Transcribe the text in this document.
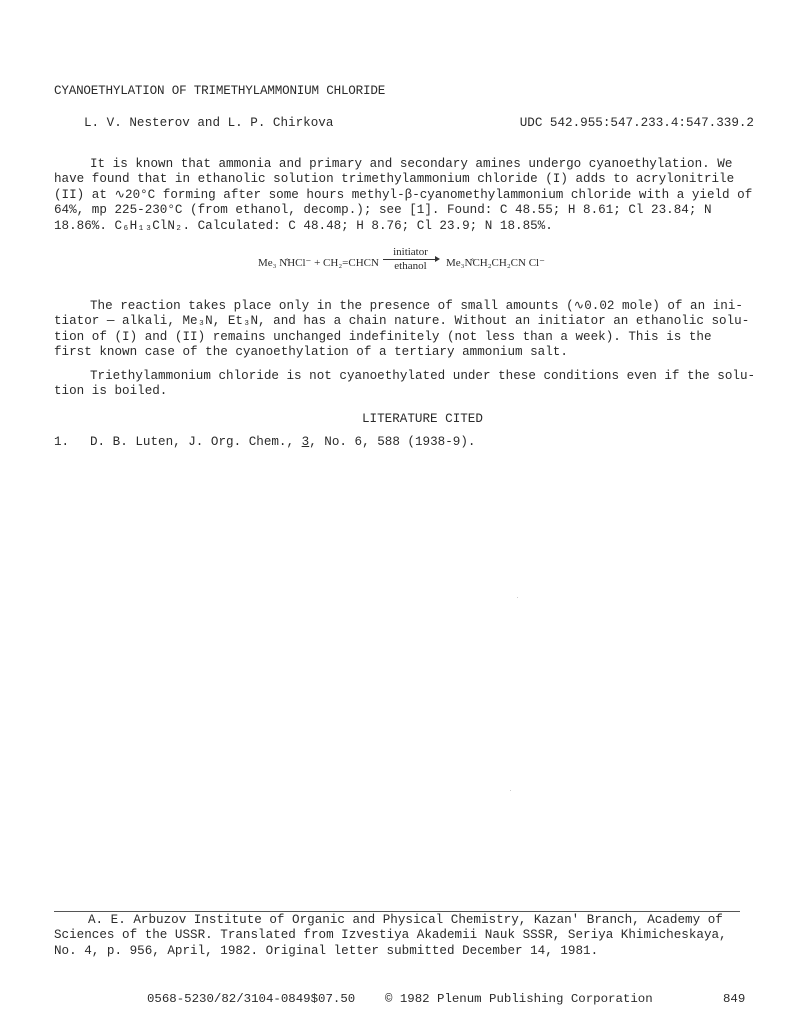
CYANOETHYLATION OF TRIMETHYLAMMONIUM CHLORIDE
L. V. Nesterov and L. P. Chirkova	UDC 542.955:547.233.4:547.339.2
It is known that ammonia and primary and secondary amines undergo cyanoethylation. We
have found that in ethanolic solution trimethylammonium chloride (I) adds to acrylonitrile
(II) at ∿20°C forming after some hours methyl-β-cyanomethylammonium chloride with a yield of
64%, mp 225-230°C (from ethanol, decomp.); see [1]. Found: C 48.55; H 8.61; Cl 23.84; N
18.86%. C₆H₁₃ClN₂. Calculated: C 48.48; H 8.76; Cl 23.9; N 18.85%.
Me₃ N̊HCl⁻ + CH₂=CHCN
initiator
ethanol	Me₃N̊CH₂CH₂CN Cl⁻
The reaction takes place only in the presence of small amounts (∿0.02 mole) of an ini-
tiator — alkali, Me₃N, Et₃N, and has a chain nature. Without an initiator an ethanolic solu-
tion of (I) and (II) remains unchanged indefinitely (not less than a week). This is the
first known case of the cyanoethylation of a tertiary ammonium salt.
Triethylammonium chloride is not cyanoethylated under these conditions even if the solu-
tion is boiled.
LITERATURE CITED
1. D. B. Luten, J. Org. Chem., 3, No. 6, 588 (1938-9).
A. E. Arbuzov Institute of Organic and Physical Chemistry, Kazan' Branch, Academy of
Sciences of the USSR. Translated from Izvestiya Akademii Nauk SSSR, Seriya Khimicheskaya,
No. 4, p. 956, April, 1982. Original letter submitted December 14, 1981.
0568-5230/82/3104-0849$07.50 © 1982 Plenum Publishing Corporation	849
